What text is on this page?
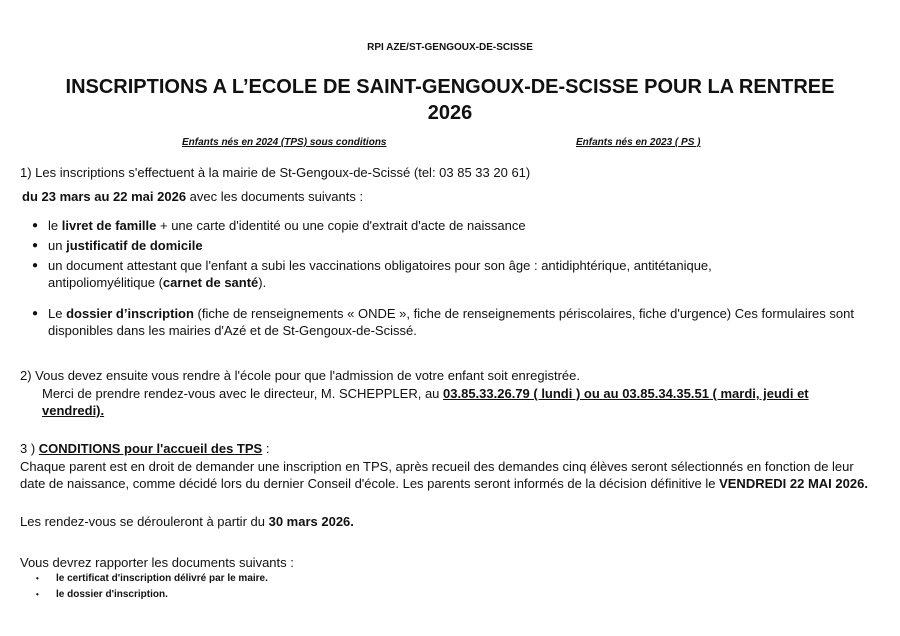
RPI AZE/ST-GENGOUX-DE-SCISSE
INSCRIPTIONS A L’ECOLE DE SAINT-GENGOUX-DE-SCISSE POUR LA RENTREE
2026
Enfants nés en 2024 (TPS) sous conditions	Enfants nés en 2023 ( PS )
1) Les inscriptions s'effectuent à la mairie de St-Gengoux-de-Scissé (tel: 03 85 33 20 61)
du 23 mars au 22 mai 2026 avec les documents suivants :
● le livret de famille + une carte d'identité ou une copie d'extrait d'acte de naissance
● un justificatif de domicile
● un document attestant que l'enfant a subi les vaccinations obligatoires pour son âge : antidiphtérique, antitétanique, antipoliomyélitique (carnet de santé).
● Le dossier d’inscription (fiche de renseignements « ONDE », fiche de renseignements périscolaires, fiche d'urgence) Ces formulaires sont disponibles dans les mairies d'Azé et de St-Gengoux-de-Scissé.
2) Vous devez ensuite vous rendre à l'école pour que l'admission de votre enfant soit enregistrée.
Merci de prendre rendez-vous avec le directeur, M. SCHEPPLER, au 03.85.33.26.79 ( lundi ) ou au 03.85.34.35.51 ( mardi, jeudi et
vendredi).
3 ) CONDITIONS pour l'accueil des TPS :
Chaque parent est en droit de demander une inscription en TPS, après recueil des demandes cinq élèves seront sélectionnés en fonction de leur date de naissance, comme décidé lors du dernier Conseil d'école. Les parents seront informés de la décision définitive le VENDREDI 22 MAI 2026.
Les rendez-vous se dérouleront à partir du 30 mars 2026.
Vous devrez rapporter les documents suivants :
• le certificat d'inscription délivré par le maire.
• le dossier d'inscription.
